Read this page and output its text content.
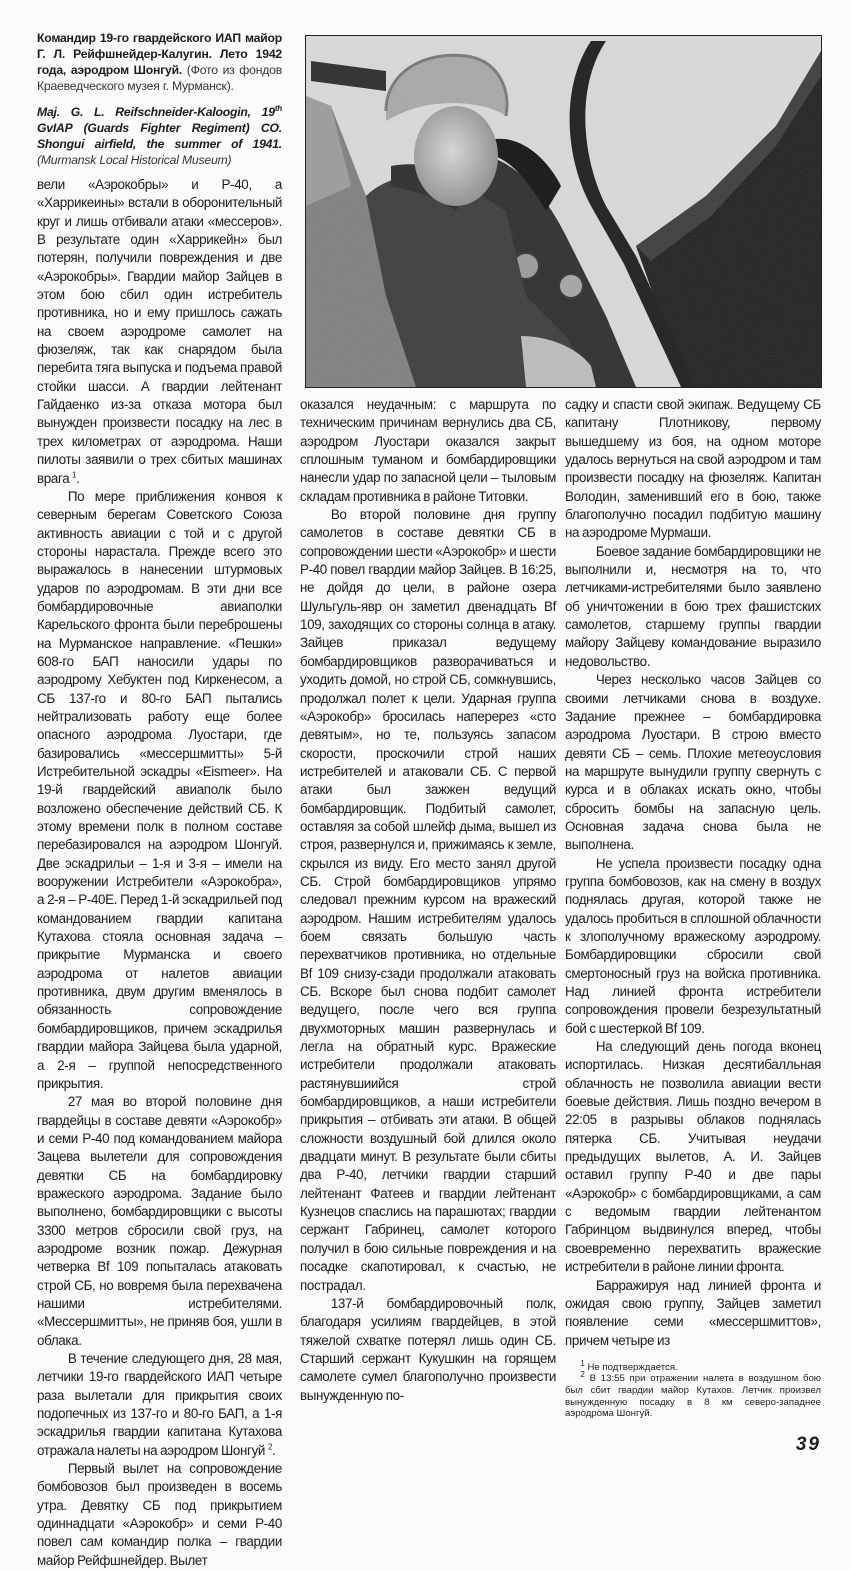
Командир 19-го гвардейского ИАП майор Г. Л. Рейфшнейдер-Калугин. Лето 1942 года, аэродром Шонгуй. (Фото из фондов Краеведческого музея г. Мурманск).
Maj. G. L. Reifschneider-Kaloogin, 19th GvIAP (Guards Fighter Regiment) CO. Shongui airfield, the summer of 1941. (Murmansk Local Historical Museum)

вели «Аэрокобры» и Р-40, а «Харрикеины» встали в оборонительный круг и лишь отбивали атаки «мессеров». В результате один «Харрикейн» был потерян, получили повреждения и две «Аэрокобры». Гвардии майор Зайцев в этом бою сбил один истребитель противника, но и ему пришлось сажать на своем аэродроме самолет на фюзеляж, так как снарядом была перебита тяга выпуска и подъема правой стойки шасси. А гвардии лейтенант Гайдаенко из-за отказа мотора был вынужден произвести посадку на лес в трех километрах от аэродрома. Наши пилоты заявили о трех сбитых машинах врага $^1$.

По мере приближения конвоя к северным берегам Советского Союза активность авиации с той и с другой стороны нарастала. Прежде всего это выражалось в нанесении штурмовых ударов по аэродромам. В эти дни все бомбардировочные авиаполки Карельского фронта были переброшены на Мурманское направление. «Пешки» 608-го БАП наносили удары по аэродрому Хебуктен под Киркенесом, а СБ 137-го и 80-го БАП пытались нейтрализовать работу еще более опасного аэродрома Луостари, где базировались «мессершмитты» 5-й Истребительной эскадры «Eismeer». На 19-й гвардейский авиаполк было возложено обеспечение действий СБ. К этому времени полк в полном составе перебазировался на аэродром Шонгуй. Две эскадрильи – 1-я и 3-я – имели на вооружении Истребители «Аэрокобра», а 2-я – Р-40Е. Перед 1-й эскадрильей под командованием гвардии капитана Кутахова стояла основная задача – прикрытие Мурманска и своего аэродрома от налетов авиации противника, двум другим вменялось в обязанность сопровождение бомбардировщиков, причем эскадрилья гвардии майора Зайцева была ударной, а 2-я – группой непосредственного прикрытия.

27 мая во второй половине дня гвардейцы в составе девяти «Аэрокобр» и семи Р-40 под командованием майора Зацева вылетели для сопровождения девятки СБ на бомбардировку вражеского аэродрома. Задание было выполнено, бомбардировщики с высоты 3300 метров сбросили свой груз, на аэродроме возник пожар. Дежурная четверка Bf 109 попыталась атаковать строй СБ, но вовремя была перехвачена нашими истребителями. «Мессершмитты», не приняв боя, ушли в облака.

В течение следующего дня, 28 мая, летчики 19-го гвардейского ИАП четыре раза вылетали для прикрытия своих подопечных из 137-го и 80-го БАП, а 1-я эскадрилья гвардии капитана Кутахова отражала налеты на аэродром Шонгуй $^2$.

Первый вылет на сопровождение бомбовозов был произведен в восемь утра. Девятку СБ под прикрытием одиннадцати «Аэрокобр» и семи Р-40 повел сам командир полка – гвардии майор Рейфшнейдер. Вылет

оказался неудачным: с маршрута по техническим причинам вернулись два СБ, аэродром Луостари оказался закрыт сплошным туманом и бомбардировщики нанесли удар по запасной цели – тыловым складам противника в районе Титовки.

Во второй половине дня группу самолетов в составе девятки СБ в сопровождении шести «Аэрокобр» и шести Р-40 повел гвардии майор Зайцев. В 16:25, не дойдя до цели, в районе озера Шульгуль-явр он заметил двенадцать Bf 109, заходящих со стороны солнца в атаку. Зайцев приказал ведущему бомбардировщиков разворачиваться и уходить домой, но строй СБ, сомкнувшись, продолжал полет к цели. Ударная группа «Аэрокобр» бросилась наперерез «сто девятым», но те, пользуясь запасом скорости, проскочили строй наших истребителей и атаковали СБ. С первой атаки был зажжен ведущий бомбардировщик. Подбитый самолет, оставляя за собой шлейф дыма, вышел из строя, развернулся и, прижимаясь к земле, скрылся из виду. Его место занял другой СБ. Строй бомбардировщиков упрямо следовал прежним курсом на вражеский аэродром. Нашим истребителям удалось боем связать большую часть перехватчиков противника, но отдельные Bf 109 снизу-сзади продолжали атаковать СБ. Вскоре был снова подбит самолет ведущего, после чего вся группа двухмоторных машин развернулась и легла на обратный курс. Вражеские истребители продолжали атаковать растянувшиийся строй бомбардировщиков, а наши истребители прикрытия – отбивать эти атаки. В общей сложности воздушный бой длился около двадцати минут. В результате были сбиты два Р-40, летчики гвардии старший лейтенант Фатеев и гвардии лейтенант Кузнецов спаслись на парашютах; гвардии сержант Габринец, самолет которого получил в бою сильные повреждения и на посадке скапотировал, к счастью, не пострадал.

137-й бомбардировочный полк, благодаря усилиям гвардейцев, в этой тяжелой схватке потерял лишь один СБ. Старший сержант Кукушкин на горящем самолете сумел благополучно произвести вынужденную по-

садку и спасти свой экипаж. Ведущему СБ капитану Плотникову, первому вышедшему из боя, на одном моторе удалось вернуться на свой аэродром и там произвести посадку на фюзеляж. Капитан Володин, заменивший его в бою, также благополучно посадил подбитую машину на аэродроме Мурмаши.

Боевое задание бомбардировщики не выполнили и, несмотря на то, что летчиками-истребителями было заявлено об уничтожении в бою трех фашистских самолетов, старшему группы гвардии майору Зайцеву командование выразило недовольство.

Через несколько часов Зайцев со своими летчиками снова в воздухе. Задание прежнее – бомбардировка аэродрома Луостари. В строю вместо девяти СБ – семь. Плохие метеоусловия на маршруте вынудили группу свернуть с курса и в облаках искать окно, чтобы сбросить бомбы на запасную цель. Основная задача снова была не выполнена.

Не успела произвести посадку одна группа бомбовозов, как на смену в воздух поднялась другая, которой также не удалось пробиться в сплошной облачности к злополучному вражескому аэродрому. Бомбардировщики сбросили свой смертоносный груз на войска противника. Над линией фронта истребители сопровождения провели безрезультатный бой с шестеркой Bf 109.

На следующий день погода вконец испортилась. Низкая десятибалльная облачность не позволила авиации вести боевые действия. Лишь поздно вечером в 22:05 в разрывы облаков поднялась пятерка СБ. Учитывая неудачи предыдущих вылетов, А. И. Зайцев оставил группу Р-40 и две пары «Аэрокобр» с бомбардировщиками, а сам с ведомым гвардии лейтенантом Габринцом выдвинулся вперед, чтобы своевременно перехватить вражеские истребители в районе линии фронта.

Барражируя над линией фронта и ожидая свою группу, Зайцев заметил появление семи «мессершмиттов», причем четыре из

$^1$ Не подтверждается.

$^2$ В 13:55 при отражении налета в воздушном бою был сбит гвардии майор Кутахов. Летчик произвел вынужденную посадку в 8 км северо-западнее аэродрома Шонгуй.

39
